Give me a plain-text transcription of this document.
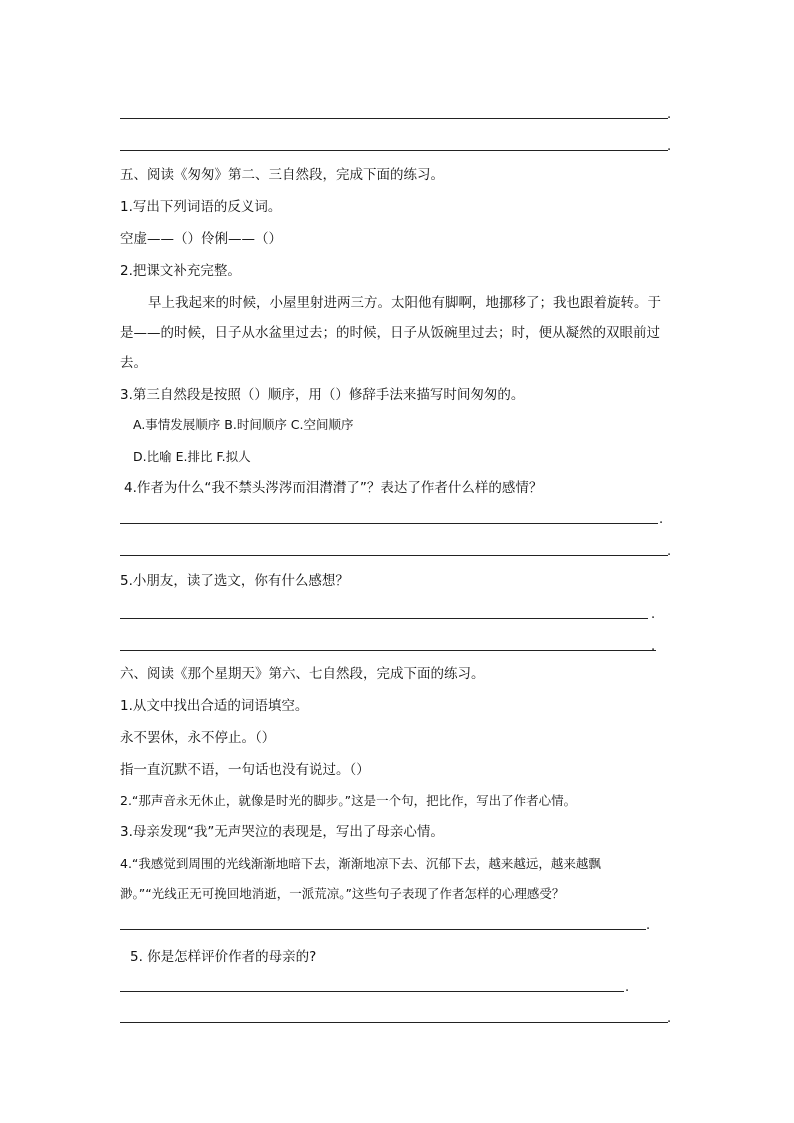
.
.
五、阅读《匆匆》第二、三自然段，完成下面的练习。
1.写出下列词语的反义词。
空虚——（）伶俐——（）
2.把课文补充完整。
早上我起来的时候，小屋里射进两三方。太阳他有脚啊，地挪移了；我也跟着旋转。于
是——的时候，日子从水盆里过去；的时候，日子从饭碗里过去；时，便从凝然的双眼前过
去。
3.第三自然段是按照（）顺序，用（）修辞手法来描写时间匆匆的。
A.事情发展顺序 B.时间顺序 C.空间顺序
D.比喻 E.排比 F.拟人
4.作者为什么“我不禁头涔涔而泪潸潸了”？表达了作者什么样的感情？
.
.
5.小朋友，读了选文，你有什么感想？
.
.
六、阅读《那个星期天》第六、七自然段，完成下面的练习。
1.从文中找出合适的词语填空。
永不罢休，永不停止。（）
指一直沉默不语，一句话也没有说过。（）
2.“那声音永无休止，就像是时光的脚步。”这是一个句，把比作，写出了作者心情。
3.母亲发现“我”无声哭泣的表现是，写出了母亲心情。
4.“我感觉到周围的光线渐渐地暗下去，渐渐地凉下去、沉郁下去，越来越远，越来越飘
渺。”“光线正无可挽回地消逝，一派荒凉。”这些句子表现了作者怎样的心理感受？
.
5. 你是怎样评价作者的母亲的?
.
.
